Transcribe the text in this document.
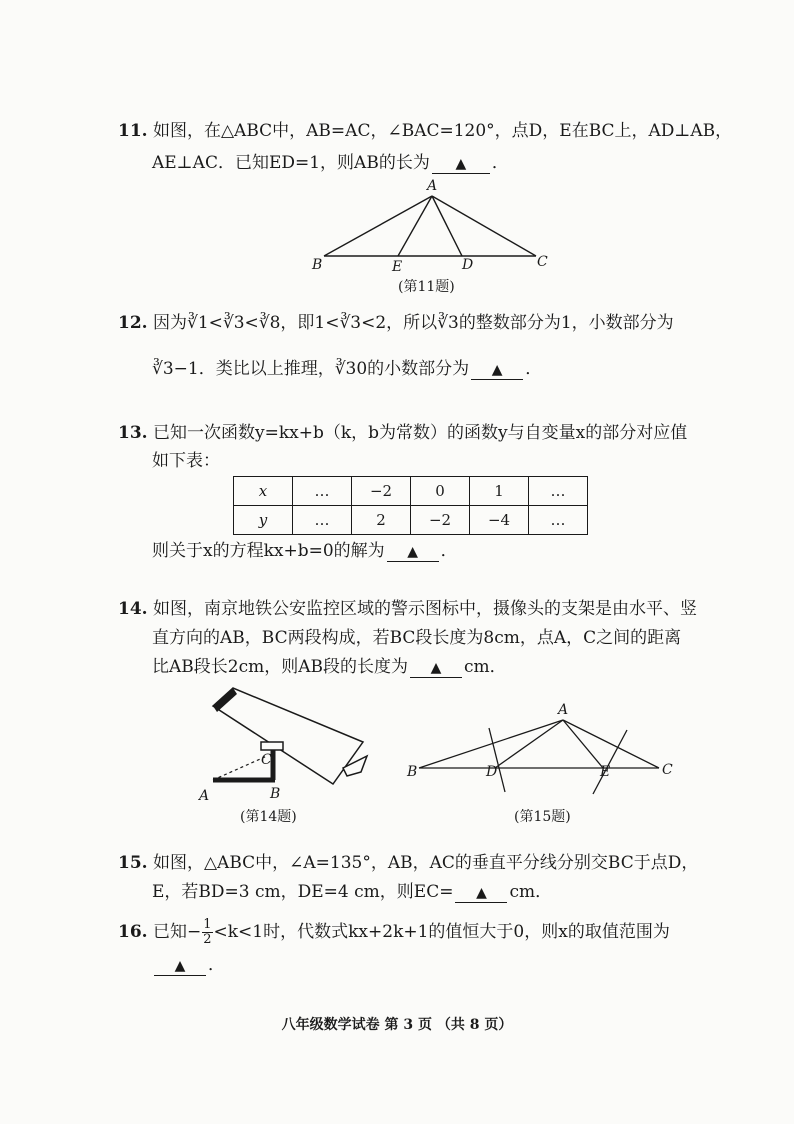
11. 如图，在△ABC中，AB=AC，∠BAC=120°，点D，E在BC上，AD⊥AB，
AE⊥AC．已知ED=1，则AB的长为 ▲ ．
A
B	E	D	C
(第11题)
12. 因为∛1<∛3<∛8，即1<∛3<2，所以∛3的整数部分为1，小数部分为
∛3−1．类比以上推理，∛30的小数部分为 ▲ ．
13. 已知一次函数y=kx+b（k，b为常数）的函数y与自变量x的部分对应值
如下表：
x	…	−2	0	1	…
y	…	2	−2	−4	…
则关于x的方程kx+b=0的解为 ▲ ．
14. 如图，南京地铁公安监控区域的警示图标中，摄像头的支架是由水平、竖
直方向的AB，BC两段构成，若BC段长度为8cm，点A，C之间的距离
比AB段长2cm，则AB段的长度为 ▲ cm．
C
A	B
(第14题)
A
B	D	E	C
(第15题)
15. 如图，△ABC中，∠A=135°，AB，AC的垂直平分线分别交BC于点D，
E，若BD=3 cm，DE=4 cm，则EC= ▲ cm．
16. 已知− $\frac{1}{2} <k<1$时，代数式kx+2k+1的值恒大于0，则x的取值范围为
▲ ．
八年级数学试卷 第 3 页 （共 8 页）
